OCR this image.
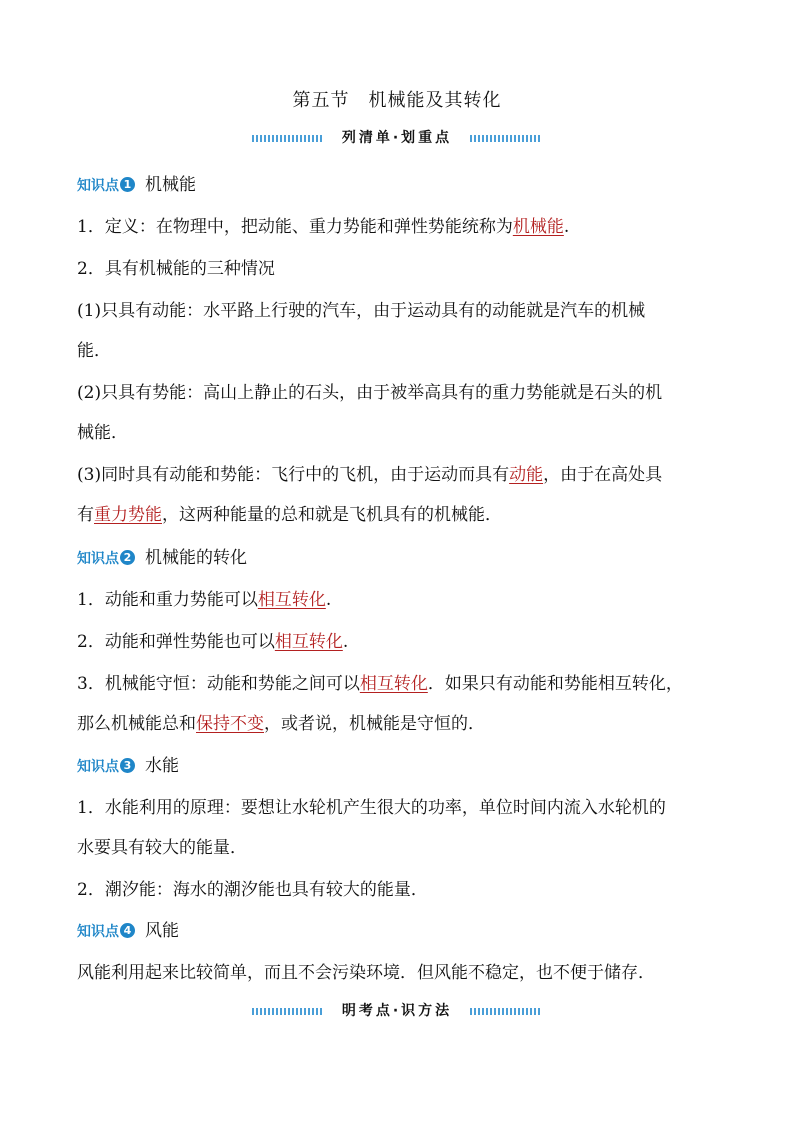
第五节　机械能及其转化
列清单·划重点
知识点 1 机械能
1．定义：在物理中，把动能、重力势能和弹性势能统称为机械能.
2．具有机械能的三种情况
(1)只具有动能：水平路上行驶的汽车，由于运动具有的动能就是汽车的机械
能．
(2)只具有势能：高山上静止的石头，由于被举高具有的重力势能就是石头的机
械能．
(3)同时具有动能和势能：飞行中的飞机，由于运动而具有动能，由于在高处具
有重力势能，这两种能量的总和就是飞机具有的机械能．
知识点 2 机械能的转化
1．动能和重力势能可以相互转化.
2．动能和弹性势能也可以相互转化.
3．机械能守恒：动能和势能之间可以相互转化．如果只有动能和势能相互转化，
那么机械能总和保持不变，或者说，机械能是守恒的．
知识点 3 水能
1．水能利用的原理：要想让水轮机产生很大的功率，单位时间内流入水轮机的
水要具有较大的能量．
2．潮汐能：海水的潮汐能也具有较大的能量．
知识点 4 风能
风能利用起来比较简单，而且不会污染环境．但风能不稳定，也不便于储存．
明考点·识方法
